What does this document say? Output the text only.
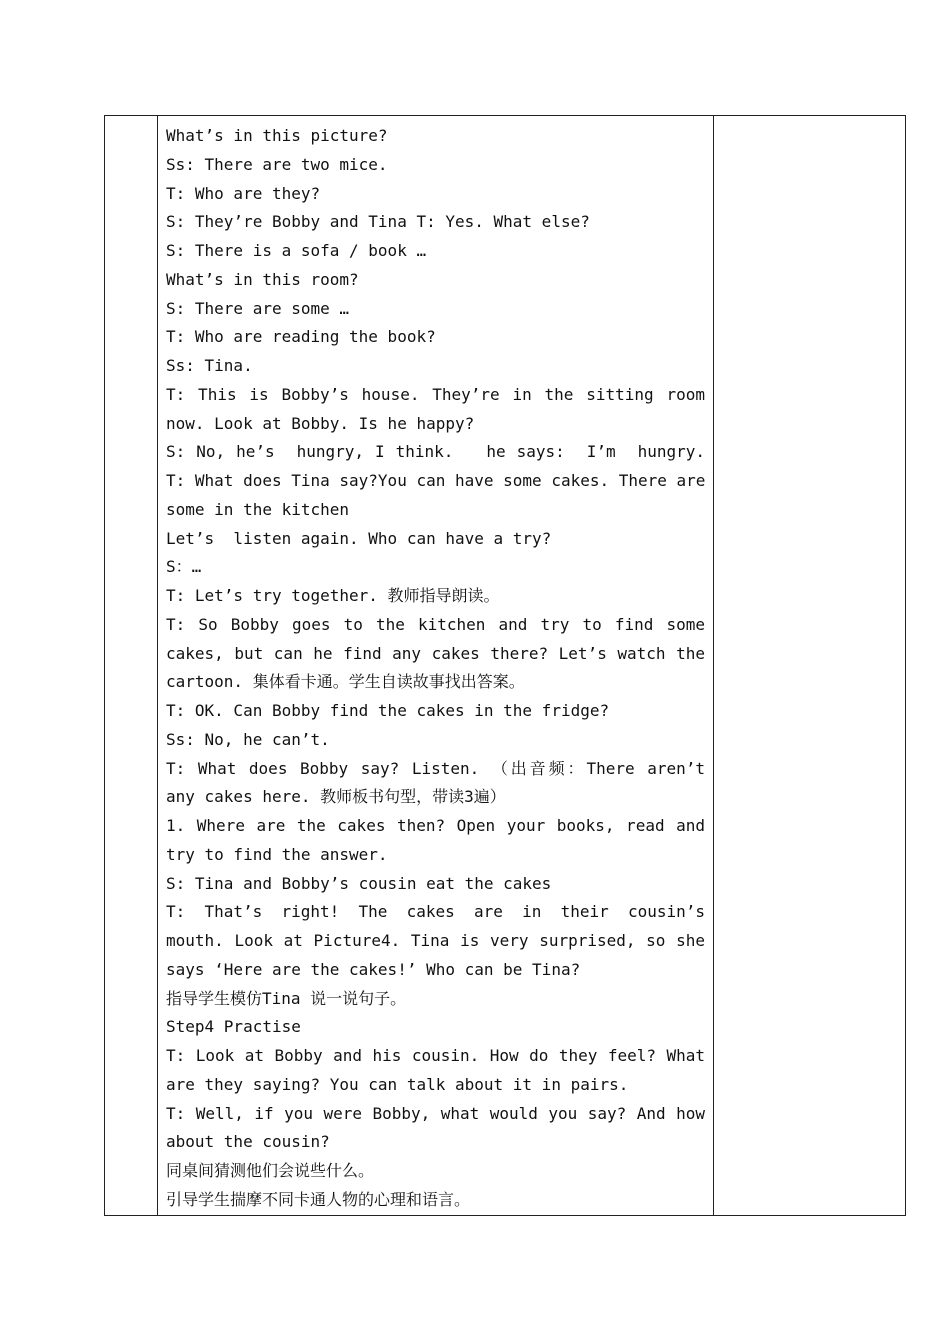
What’s in this picture?
Ss: There are two mice.
T: Who are they?
S: They’re Bobby and Tina T: Yes. What else?
S: There is a sofa / book …
What’s in this room?
S: There are some …
T: Who are reading the book?
Ss: Tina.
T: This is Bobby’s house. They’re in the sitting room
now. Look at Bobby. Is he happy?
S: No, he’s  hungry, I think.   he says:  I’m  hungry.
T: What does Tina say?You can have some cakes. There are
some in the kitchen
Let’s  listen again. Who can have a try?
S：…
T: Let’s try together. 教师指导朗读。
T: So Bobby goes to the kitchen and try to find some
cakes, but can he find any cakes there? Let’s watch the
cartoon. 集体看卡通。学生自读故事找出答案。
T: OK. Can Bobby find the cakes in the fridge?
Ss: No, he can’t.
T: What does Bobby say? Listen. （出音频：There aren’t
any cakes here. 教师板书句型，带读3遍）
1. Where are the cakes then? Open your books, read and
try to find the answer.
S: Tina and Bobby’s cousin eat the cakes
T: That’s right! The cakes are in their cousin’s
mouth. Look at Picture4. Tina is very surprised, so she
says ‘Here are the cakes!’ Who can be Tina?
指导学生模仿Tina 说一说句子。
Step4 Practise
T: Look at Bobby and his cousin. How do they feel? What
are they saying? You can talk about it in pairs.
T: Well, if you were Bobby, what would you say? And how
about the cousin?
同桌间猜测他们会说些什么。
引导学生揣摩不同卡通人物的心理和语言。
